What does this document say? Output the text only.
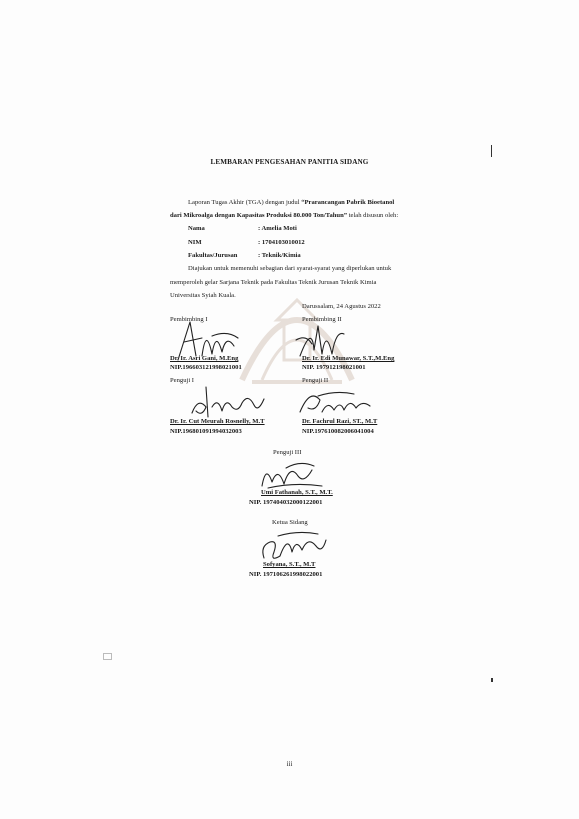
LEMBARAN PENGESAHAN PANITIA SIDANG
Laporan Tugas Akhir (TGA) dengan judul “Prarancangan Pabrik Bioetanol
dari Mikroalga dengan Kapasitas Produksi 80.000 Ton/Tahun” telah disusun oleh:
Nama	: Amelia Moti
NIM	: 1704103010012
Fakultas/Jurusan	: Teknik/Kimia
Diajukan untuk memenuhi sebagian dari syarat-syarat yang diperlukan untuk
memperoleh gelar Sarjana Teknik pada Fakultas Teknik Jurusan Teknik Kimia
Universitas Syiah Kuala.
Darussalam, 24 Agustus 2022
Pembimbing I
Dr. Ir. Asri Gani, M.Eng
NIP.196603121998021001
Pembimbing II
Dr. Ir. Edi Munawar, S.T.,M.Eng
NIP. 197912198021001
Penguji I
Dr. Ir. Cut Meurah Rosnelly, M.T
NIP.196801091994032003
Penguji II
Dr. Fachrul Razi, ST., M.T
NIP.197610082006041004
Penguji III
Umi Fathanah, S.T., M.T.
NIP. 197404032000122001
Ketua Sidang
Sofyana, S.T., M.T
NIP. 197106261998022001
iii
